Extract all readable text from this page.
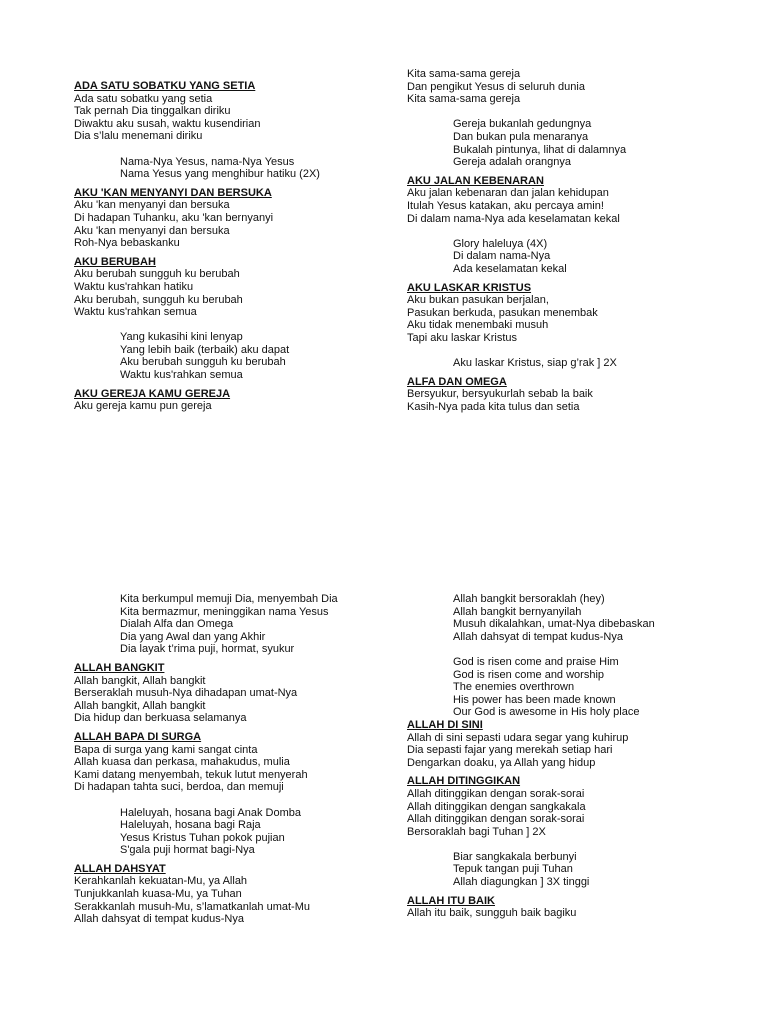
ADA SATU SOBATKU YANG SETIA
Ada satu sobatku yang setia
Tak pernah Dia tinggalkan diriku
Diwaktu aku susah, waktu kusendirian
Dia s’lalu menemani diriku
Nama-Nya Yesus, nama-Nya Yesus
Nama Yesus yang menghibur hatiku (2X)
AKU 'KAN MENYANYI DAN BERSUKA
Aku 'kan menyanyi dan bersuka
Di hadapan Tuhanku, aku 'kan bernyanyi
Aku 'kan menyanyi dan bersuka
Roh-Nya bebaskanku
AKU BERUBAH
Aku berubah sungguh ku berubah
Waktu kus'rahkan hatiku
Aku berubah, sungguh ku berubah
Waktu kus'rahkan semua
Yang kukasihi kini lenyap
Yang lebih baik (terbaik) aku dapat
Aku berubah sungguh ku berubah
Waktu kus'rahkan semua
AKU GEREJA KAMU GEREJA
Aku gereja kamu pun gereja
Kita sama-sama gereja
Dan pengikut Yesus di seluruh dunia
Kita sama-sama gereja
Gereja bukanlah gedungnya
Dan bukan pula menaranya
Bukalah pintunya, lihat di dalamnya
Gereja adalah orangnya
AKU JALAN KEBENARAN
Aku jalan kebenaran dan jalan kehidupan
Itulah Yesus katakan, aku percaya amin!
Di dalam nama-Nya ada keselamatan kekal
Glory haleluya (4X)
Di dalam nama-Nya
Ada keselamatan kekal
AKU LASKAR KRISTUS
Aku bukan pasukan berjalan,
Pasukan berkuda, pasukan menembak
Aku tidak menembaki musuh
Tapi aku laskar Kristus
Aku laskar Kristus, siap g’rak ] 2X
ALFA DAN OMEGA
Bersyukur, bersyukurlah sebab la baik
Kasih-Nya pada kita tulus dan setia
Kita berkumpul memuji Dia, menyembah Dia
Kita bermazmur, meninggikan nama Yesus
Dialah Alfa dan Omega
Dia yang Awal dan yang Akhir
Dia layak t’rima puji, hormat, syukur
ALLAH BANGKIT
Allah bangkit, Allah bangkit
Berseraklah musuh-Nya dihadapan umat-Nya
Allah bangkit, Allah bangkit
Dia hidup dan berkuasa selamanya
ALLAH BAPA DI SURGA
Bapa di surga yang kami sangat cinta
Allah kuasa dan perkasa, mahakudus, mulia
Kami datang menyembah, tekuk lutut menyerah
Di hadapan tahta suci, berdoa, dan memuji
Haleluyah, hosana bagi Anak Domba
Haleluyah, hosana bagi Raja
Yesus Kristus Tuhan pokok pujian
S'gala puji hormat bagi-Nya
ALLAH DAHSYAT
Kerahkanlah kekuatan-Mu, ya Allah
Tunjukkanlah kuasa-Mu, ya Tuhan
Serakkanlah musuh-Mu, s’lamatkanlah umat-Mu
Allah dahsyat di tempat kudus-Nya
Allah bangkit bersoraklah (hey)
Allah bangkit bernyanyilah
Musuh dikalahkan, umat-Nya dibebaskan
Allah dahsyat di tempat kudus-Nya
God is risen come and praise Him
God is risen come and worship
The enemies overthrown
His power has been made known
Our God is awesome in His holy place
ALLAH DI SINI
Allah di sini sepasti udara segar yang kuhirup
Dia sepasti fajar yang merekah setiap hari
Dengarkan doaku, ya Allah yang hidup
ALLAH DITINGGIKAN
Allah ditinggikan dengan sorak-sorai
Allah ditinggikan dengan sangkakala
Allah ditinggikan dengan sorak-sorai
Bersoraklah bagi Tuhan ] 2X
Biar sangkakala berbunyi
Tepuk tangan puji Tuhan
Allah diagungkan ] 3X tinggi
ALLAH ITU BAIK
Allah itu baik, sungguh baik bagiku
